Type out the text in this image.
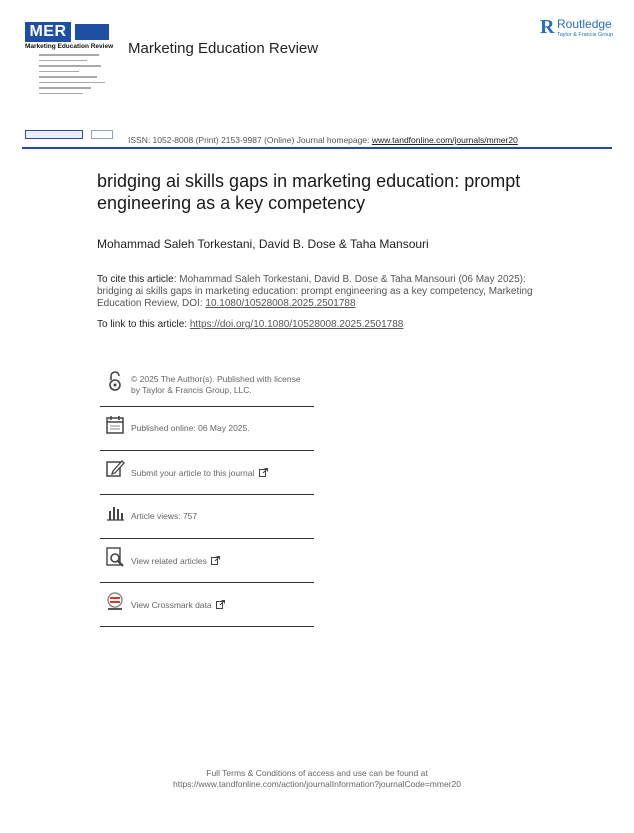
MER
Marketing Education Review Marketing Education Review
R Routledge
Taylor & Francis Group
ISSN: 1052-8008 (Print) 2153-9987 (Online) Journal homepage: www.tandfonline.com/journals/mmer20
bridging ai skills gaps in marketing education: prompt engineering as a key competency
Mohammad Saleh Torkestani, David B. Dose & Taha Mansouri
To cite this article: Mohammad Saleh Torkestani, David B. Dose & Taha Mansouri (06 May 2025): bridging ai skills gaps in marketing education: prompt engineering as a key competency, Marketing Education Review, DOI: 10.1080/10528008.2025.2501788
To link to this article: https://doi.org/10.1080/10528008.2025.2501788
© 2025 The Author(s). Published with license by Taylor & Francis Group, LLC.
Published online: 06 May 2025.
Submit your article to this journal
Article views: 757
View related articles
View Crossmark data
Full Terms & Conditions of access and use can be found at
https://www.tandfonline.com/action/journalInformation?journalCode=mmer20
